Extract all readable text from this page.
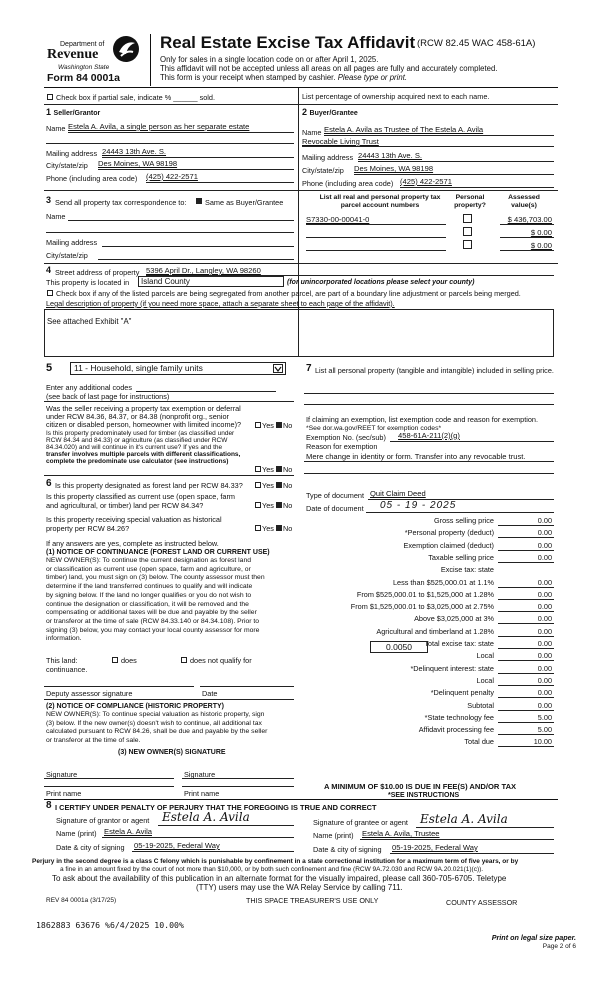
Department of
Revenue
Washington State
Form 84 0001a
Real Estate Excise Tax Affidavit (RCW 82.45 WAC 458-61A)
Only for sales in a single location code on or after April 1, 2025.
This affidavit will not be accepted unless all areas on all pages are fully and accurately completed.
This form is your receipt when stamped by cashier. Please type or print.
Check box if partial sale, indicate % ______ sold.	List percentage of ownership acquired next to each name.
1 Seller/Grantor
Name Estela A. Avila, a single person as her separate estate
Mailing address 24443 13th Ave. S.
City/state/zip Des Moines, WA 98198
Phone (including area code) (425) 422-2571
2 Buyer/Grantee
Name Estela A. Avila as Trustee of The Estela A. Avila
Revocable Living Trust
Mailing address 24443 13th Ave. S.
City/state/zip Des Moines, WA 98198
Phone (including area code) (425) 422-2571
3 Send all property tax correspondence to:	Same as Buyer/Grantee
Name
Mailing address
City/state/zip
List all real and personal property tax parcel account numbers
Personal property?
Assessed value(s)
S7330-00-00041-0	$ 436,703.00
$ 0.00
$ 0.00
4 Street address of property 5396 April Dr., Langley, WA 98260
This property is located in Island County	(for unincorporated locations please select your county)
Check box if any of the listed parcels are being segregated from another parcel, are part of a boundary line adjustment or parcels being merged.
Legal description of property (if you need more space, attach a separate sheet to each page of the affidavit).
See attached Exhibit "A"
5	11 - Household, single family units
Enter any additional codes
(see back of last page for instructions)
Was the seller receiving a property tax exemption or deferral
under RCW 84.36, 84.37, or 84.38 (nonprofit org., senior
citizen or disabled person, homeowner with limited income)?	Yes No
Is this property predominately used for timber (as classified under
RCW 84.34 and 84.33) or agriculture (as classified under RCW
84.34.020) and will continue in it's current use? If yes and the
transfer involves multiple parcels with different classifications,
complete the predominate use calculator (see instructions)
Yes No
6 Is this property designated as forest land per RCW 84.33?	Yes No
Is this property classified as current use (open space, farm
and agricultural, or timber) land per RCW 84.34?	Yes No
Is this property receiving special valuation as historical
property per RCW 84.26?	Yes No
If any answers are yes, complete as instructed below.
(1) NOTICE OF CONTINUANCE (FOREST LAND OR CURRENT USE)
NEW OWNER(S): To continue the current designation as forest land
or classification as current use (open space, farm and agriculture, or
timber) land, you must sign on (3) below. The county assessor must then
determine if the land transferred continues to qualify and will indicate
by signing below. If the land no longer qualifies or you do not wish to
continue the designation or classification, it will be removed and the
compensating or additional taxes will be due and payable by the seller
or transferor at the time of sale (RCW 84.33.140 or 84.34.108). Prior to
signing (3) below, you may contact your local county assessor for more
information.
This land:	does	does not qualify for
continuance.
Deputy assessor signature	Date
(2) NOTICE OF COMPLIANCE (HISTORIC PROPERTY)
NEW OWNER(S): To continue special valuation as historic property, sign
(3) below. If the new owner(s) doesn't wish to continue, all additional tax
calculated pursuant to RCW 84.26, shall be due and payable by the seller
or transferor at the time of sale.
(3) NEW OWNER(S) SIGNATURE
Signature	Signature
Print name	Print name
7 List all personal property (tangible and intangible) included in selling price.
If claiming an exemption, list exemption code and reason for exemption.
*See dor.wa.gov/REET for exemption codes*
Exemption No. (sec/sub) 458-61A-211(2)(g)
Reason for exemption
Mere change in identity or form. Transfer into any revocable trust.
Type of document Quit Claim Deed
Date of document 05 - 19 - 2025
Gross selling price	0.00
*Personal property (deduct)	0.00
Exemption claimed (deduct)	0.00
Taxable selling price	0.00
Excise tax: state
Less than $525,000.01 at 1.1%	0.00
From $525,000.01 to $1,525,000 at 1.28%	0.00
From $1,525,000.01 to $3,025,000 at 2.75%	0.00
Above $3,025,000 at 3%	0.00
Agricultural and timberland at 1.28%	0.00
Total excise tax: state	0.00
Local	0.00
*Delinquent interest: state	0.00
Local	0.00
*Delinquent penalty	0.00
Subtotal	0.00
*State technology fee	5.00
Affidavit processing fee	5.00
Total due	10.00
0.0050
A MINIMUM OF $10.00 IS DUE IN FEE(S) AND/OR TAX
*SEE INSTRUCTIONS
8 I CERTIFY UNDER PENALTY OF PERJURY THAT THE FOREGOING IS TRUE AND CORRECT
Signature of grantor or agent Estela A. Avila	Signature of grantee or agent Estela A. Avila
Name (print) Estela A. Avila	Name (print) Estela A. Avila, Trustee
Date & city of signing 05-19-2025, Federal Way	Date & city of signing 05-19-2025, Federal Way
Perjury in the second degree is a class C felony which is punishable by confinement in a state correctional institution for a maximum term of five years, or by
a fine in an amount fixed by the court of not more than $10,000, or by both such confinement and fine (RCW 9A.72.030 and RCW 9A.20.021(1)(c)).
To ask about the availability of this publication in an alternate format for the visually impaired, please call 360-705-6705. Teletype
(TTY) users may use the WA Relay Service by calling 711.
REV 84 0001a (3/17/25)	THIS SPACE TREASURER'S USE ONLY	COUNTY ASSESSOR
1862883 63676 %6/4/2025 10.00%
Print on legal size paper.
Page 2 of 6
